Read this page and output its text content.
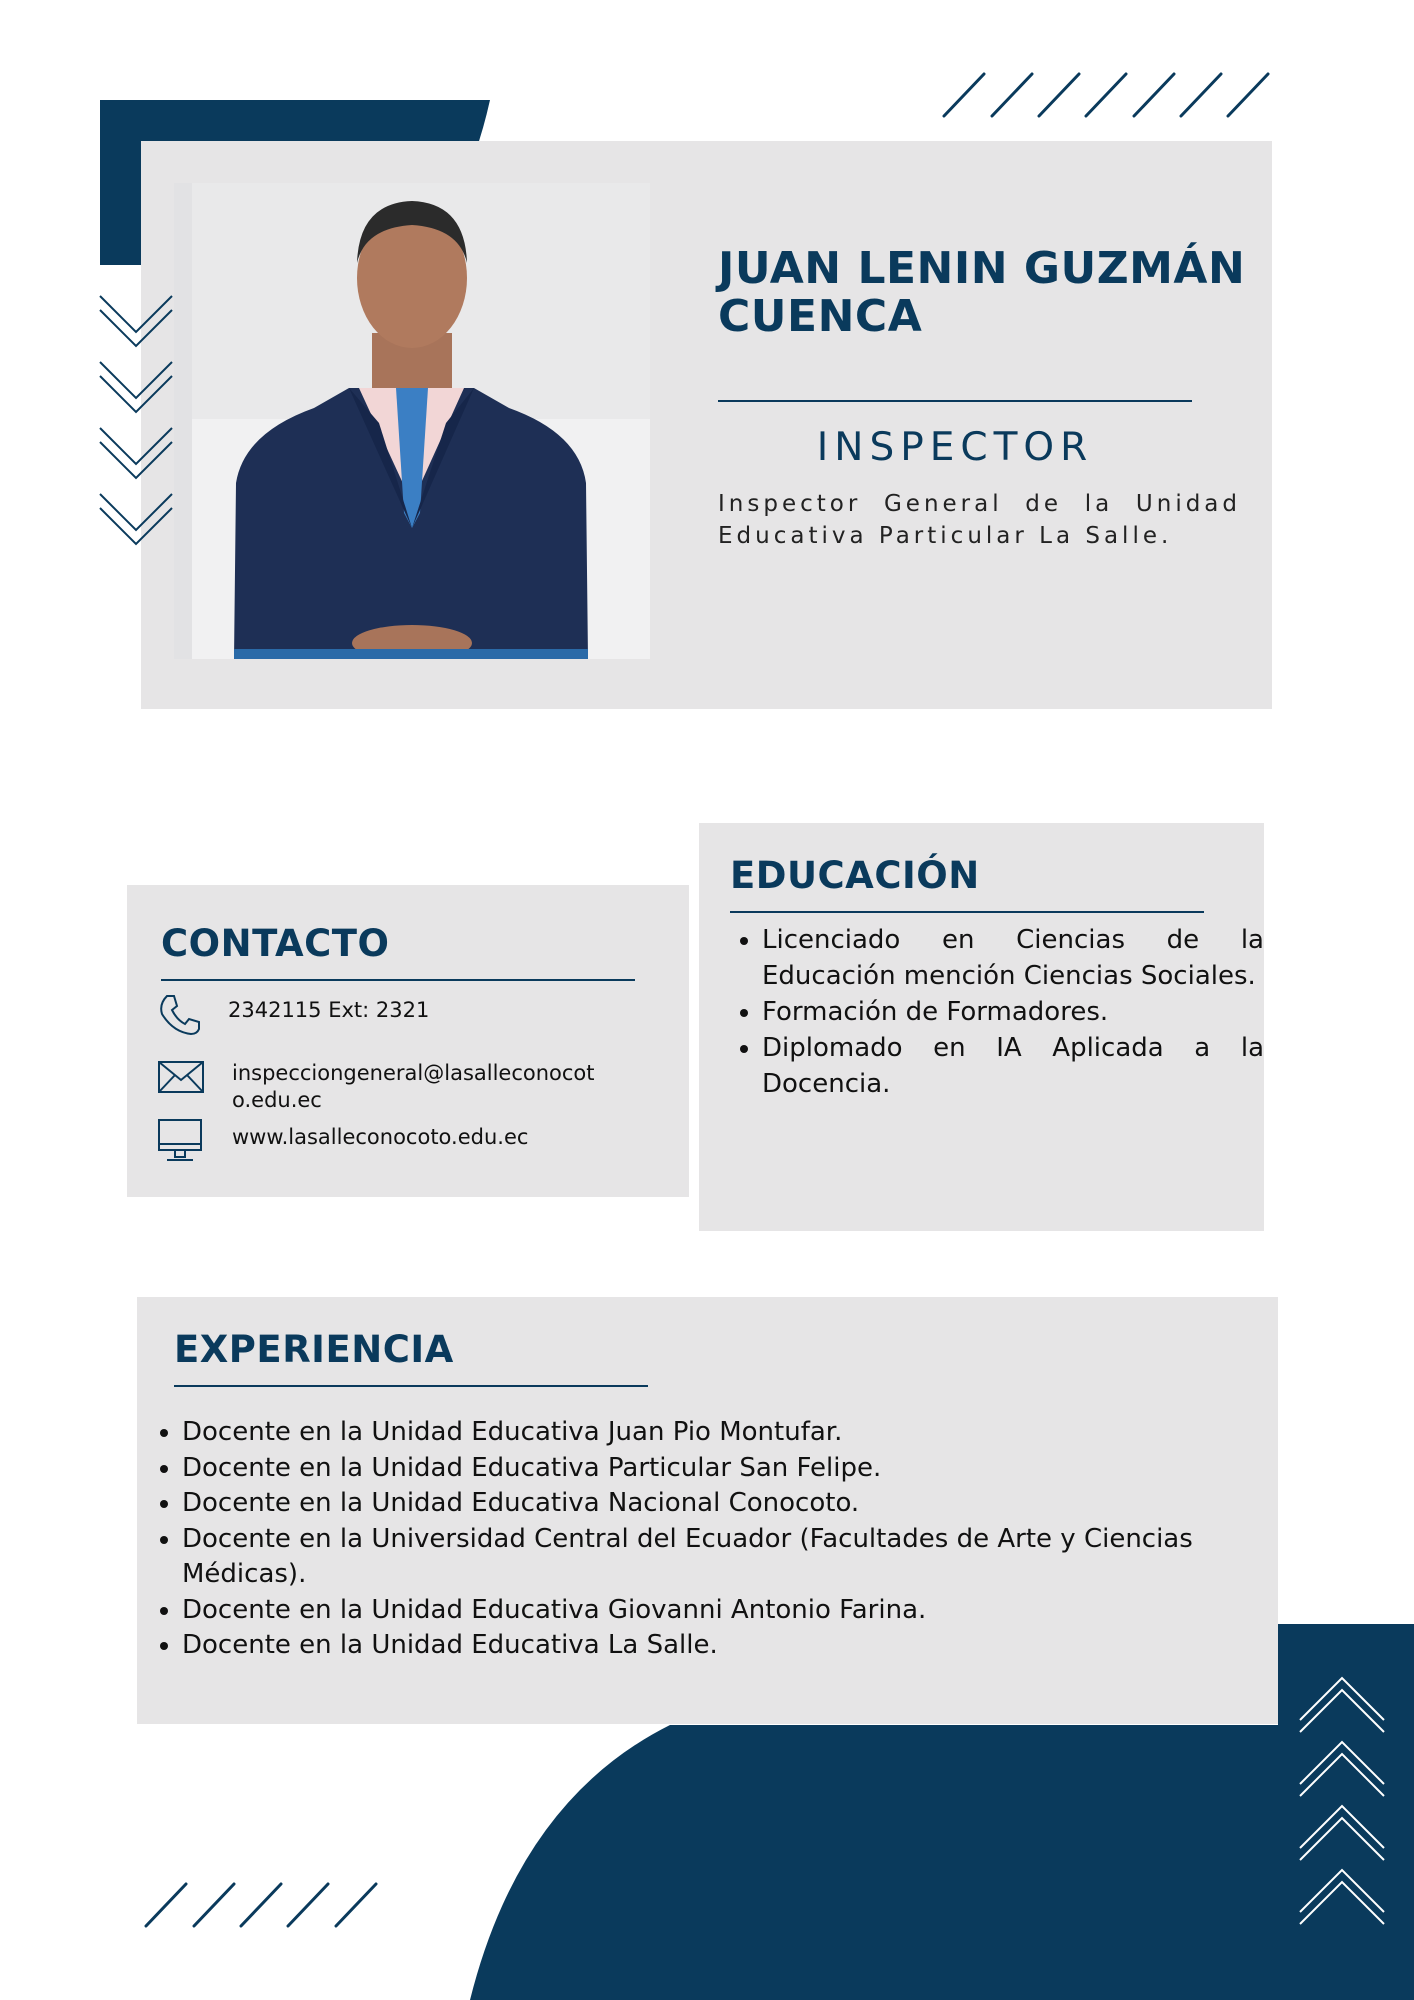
JUAN LENIN GUZMÁN CUENCA

INSPECTOR

Inspector General de la Unidad Educativa Particular La Salle.

CONTACTO
2342115 Ext: 2321
inspecciongeneral@lasalleconocot
o.edu.ec
www.lasalleconocoto.edu.ec
EDUCACIÓN
• Licenciado en Ciencias de la Educación mención Ciencias Sociales.
• Formación de Formadores.
• Diplomado en IA Aplicada a la Docencia.
EXPERIENCIA
• Docente en la Unidad Educativa Juan Pio Montufar.
• Docente en la Unidad Educativa Particular San Felipe.
• Docente en la Unidad Educativa Nacional Conocoto.
• Docente en la Universidad Central del Ecuador (Facultades de Arte y Ciencias Médicas).
• Docente en la Unidad Educativa Giovanni Antonio Farina.
• Docente en la Unidad Educativa La Salle.
